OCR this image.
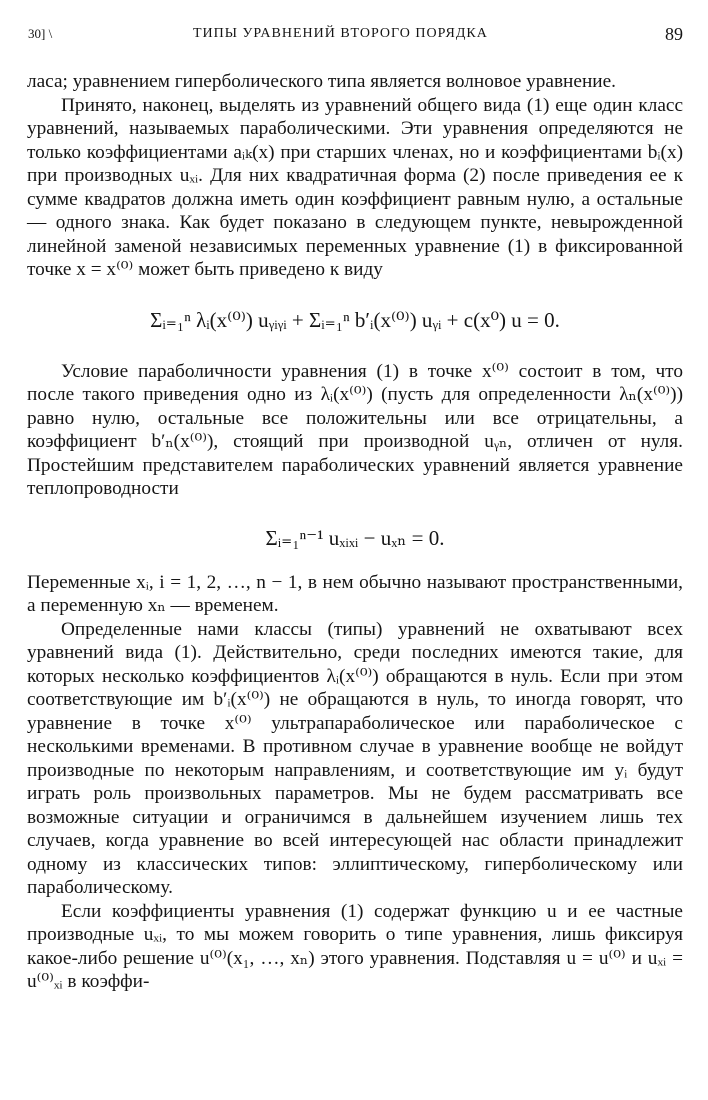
30] \	ТИПЫ УРАВНЕНИЙ ВТОРОГО ПОРЯДКА	89

ласа; уравнением гиперболического типа является волновое уравнение.

Принято, наконец, выделять из уравнений общего вида (1) еще один класс уравнений, называемых параболическими. Эти уравнения определяются не только коэффициентами aᵢₖ(x) при старших членах, но и коэффициентами bᵢ(x) при производных uₓᵢ. Для них квадратичная форма (2) после приведения ее к сумме квадратов должна иметь один коэффициент равным нулю, а остальные — одного знака. Как будет показано в следующем пункте, невырожденной линейной заменой независимых переменных уравнение (1) в фиксированной точке x = x⁽⁰⁾ может быть приведено к виду

Σᵢ₌₁ⁿ λᵢ(x⁽⁰⁾) uᵧᵢᵧᵢ + Σᵢ₌₁ⁿ b′ᵢ(x⁽⁰⁾) uᵧᵢ + c(x⁰) u = 0.

Условие параболичности уравнения (1) в точке x⁽⁰⁾ состоит в том, что после такого приведения одно из λᵢ(x⁽⁰⁾) (пусть для определенности λₙ(x⁽⁰⁾)) равно нулю, остальные все положительны или все отрицательны, а коэффициент b′ₙ(x⁽⁰⁾), стоящий при производной uᵧₙ, отличен от нуля. Простейшим представителем параболических уравнений является уравнение теплопроводности

Σᵢ₌₁ⁿ⁻¹ uₓᵢₓᵢ − uₓₙ = 0.

Переменные xᵢ, i = 1, 2, …, n − 1, в нем обычно называют пространственными, а переменную xₙ — временем.

Определенные нами классы (типы) уравнений не охватывают всех уравнений вида (1). Действительно, среди последних имеются такие, для которых несколько коэффициентов λᵢ(x⁽⁰⁾) обращаются в нуль. Если при этом соответствующие им b′ᵢ(x⁽⁰⁾) не обращаются в нуль, то иногда говорят, что уравнение в точке x⁽⁰⁾ ультрапараболическое или параболическое с несколькими временами. В противном случае в уравнение вообще не войдут производные по некоторым направлениям, и соответствующие им yᵢ будут играть роль произвольных параметров. Мы не будем рассматривать все возможные ситуации и ограничимся в дальнейшем изучением лишь тех случаев, когда уравнение во всей интересующей нас области принадлежит одному из классических типов: эллиптическому, гиперболическому или параболическому.

Если коэффициенты уравнения (1) содержат функцию u и ее частные производные uₓᵢ, то мы можем говорить о типе уравнения, лишь фиксируя какое-либо решение u⁽⁰⁾(x₁, …, xₙ) этого уравнения. Подставляя u = u⁽⁰⁾ и uₓᵢ = u⁽⁰⁾ₓᵢ в коэффи-
